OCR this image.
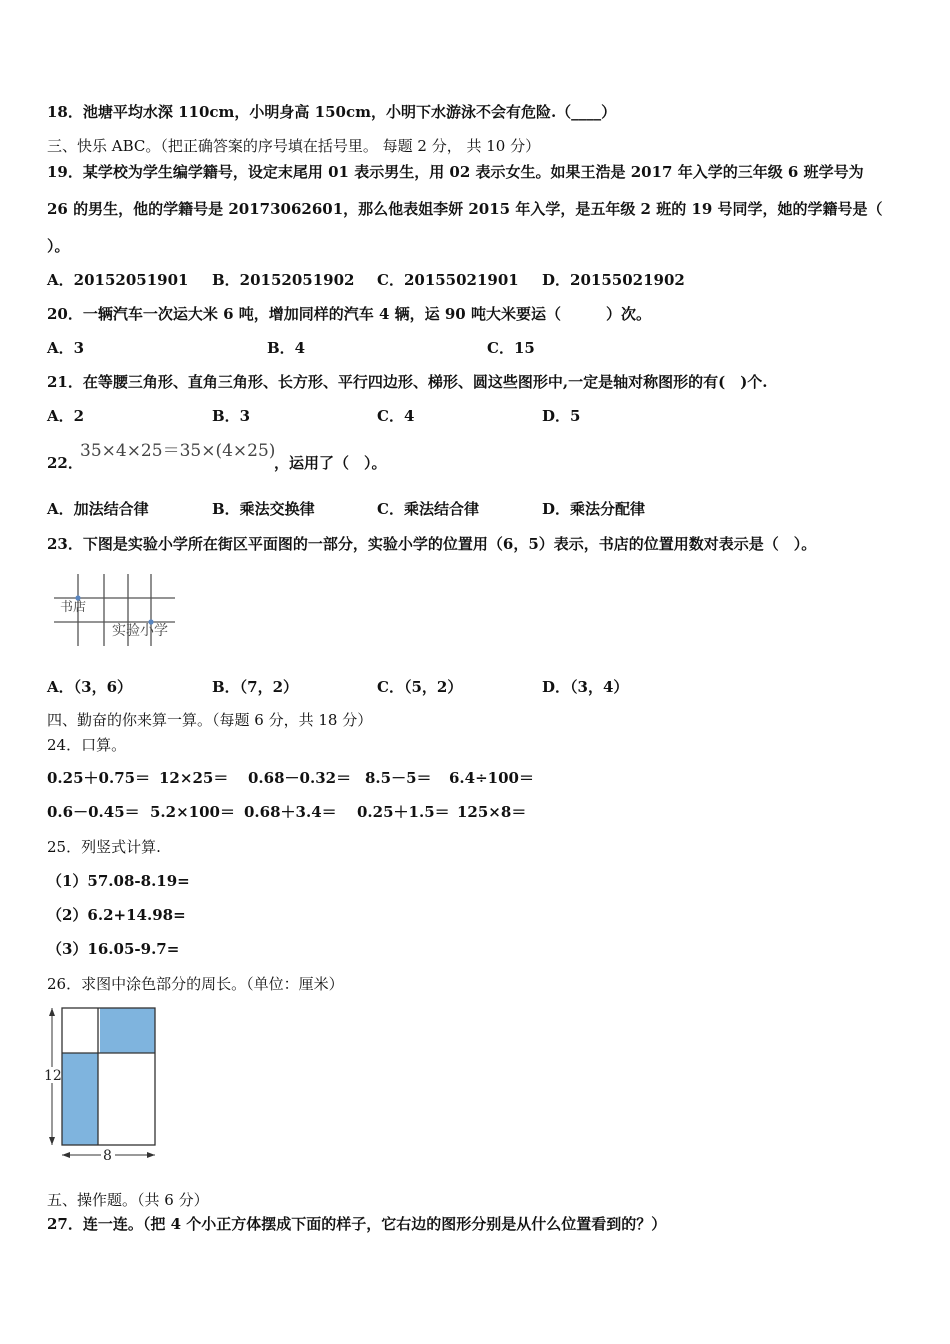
18．池塘平均水深 110cm，小明身高 150cm，小明下水游泳不会有危险.（____）
三、快乐 ABC。（把正确答案的序号填在括号里。 每题 2 分， 共 10 分）
19．某学校为学生编学籍号，设定末尾用 01 表示男生，用 02 表示女生。如果王浩是 2017 年入学的三年级 6 班学号为
26 的男生，他的学籍号是 20173062601，那么他表姐李妍 2015 年入学，是五年级 2 班的 19 号同学，她的学籍号是（
）。
A．20152051901 B．20152051902 C．20155021901 D．20155021902
20．一辆汽车一次运大米 6 吨，增加同样的汽车 4 辆，运 90 吨大米要运（　　　）次。
A．3	B．4	C．15
21．在等腰三角形、直角三角形、长方形、平行四边形、梯形、圆这些图形中,一定是轴对称图形的有(　)个.
A．2	B．3	C．4	D．5
22．
35×4×25＝35×(4×25)
，运用了（　）。
A．加法结合律	B．乘法交换律	C．乘法结合律	D．乘法分配律
23．下图是实验小学所在街区平面图的一部分，实验小学的位置用（6，5）表示，书店的位置用数对表示是（　）。
书店
实验小学
A．（3，6）	B．（7，2）	C．（5，2）	D．（3，4）
四、勤奋的你来算一算。（每题 6 分，共 18 分）
24．口算。
0.25＋0.75＝ 12×25＝ 0.68－0.32＝ 8.5－5＝ 6.4÷100＝
0.6－0.45＝ 5.2×100＝ 0.68＋3.4＝ 0.25＋1.5＝ 125×8＝
25．列竖式计算.
（1）57.08-8.19=
（2）6.2+14.98=
（3）16.05-9.7=
26．求图中涂色部分的周长。（单位：厘米）
12
8
五、操作题。（共 6 分）
27．连一连。（把 4 个小正方体摆成下面的样子，它右边的图形分别是从什么位置看到的？）
